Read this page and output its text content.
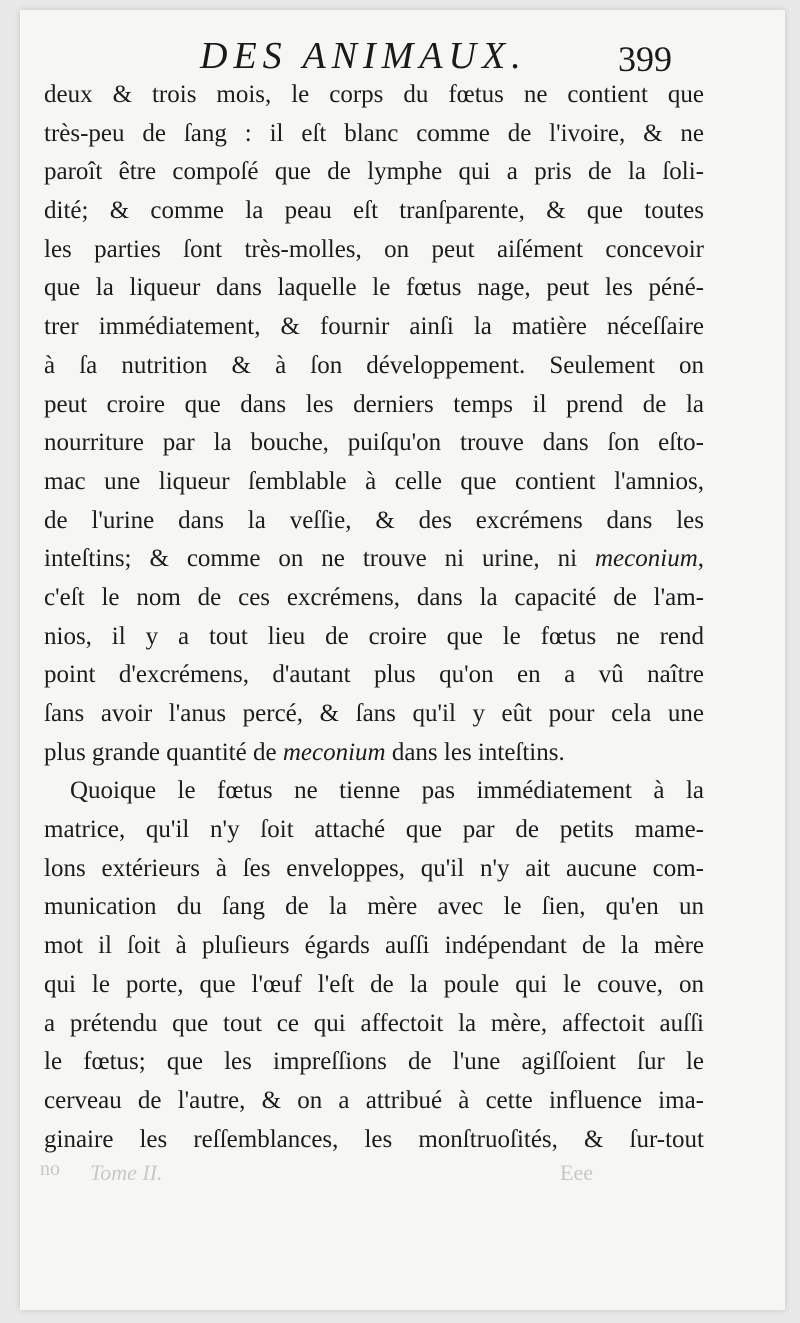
DES ANIMAUX.	399
deux & trois mois, le corps du fœtus ne contient que
très-peu de ſang : il eſt blanc comme de l'ivoire, & ne
paroît être compoſé que de lymphe qui a pris de la ſoli-
dité; & comme la peau eſt tranſparente, & que toutes
les parties ſont très-molles, on peut aiſément concevoir
que la liqueur dans laquelle le fœtus nage, peut les péné-
trer immédiatement, & fournir ainſi la matière néceſſaire
à ſa nutrition & à ſon développement. Seulement on
peut croire que dans les derniers temps il prend de la
nourriture par la bouche, puiſqu'on trouve dans ſon eſto-
mac une liqueur ſemblable à celle que contient l'amnios,
de l'urine dans la veſſie, & des excrémens dans les
inteſtins; & comme on ne trouve ni urine, ni meconium,
c'eſt le nom de ces excrémens, dans la capacité de l'am-
nios, il y a tout lieu de croire que le fœtus ne rend
point d'excrémens, d'autant plus qu'on en a vû naître
ſans avoir l'anus percé, & ſans qu'il y eût pour cela une
plus grande quantité de meconium dans les inteſtins.
Quoique le fœtus ne tienne pas immédiatement à la
matrice, qu'il n'y ſoit attaché que par de petits mame-
lons extérieurs à ſes enveloppes, qu'il n'y ait aucune com-
munication du ſang de la mère avec le ſien, qu'en un
mot il ſoit à pluſieurs égards auſſi indépendant de la mère
qui le porte, que l'œuf l'eſt de la poule qui le couve, on
a prétendu que tout ce qui affectoit la mère, affectoit auſſi
le fœtus; que les impreſſions de l'une agiſſoient ſur le
cerveau de l'autre, & on a attribué à cette influence ima-
ginaire les reſſemblances, les monſtruoſités, & ſur-tout
no Tome II.	Eee
